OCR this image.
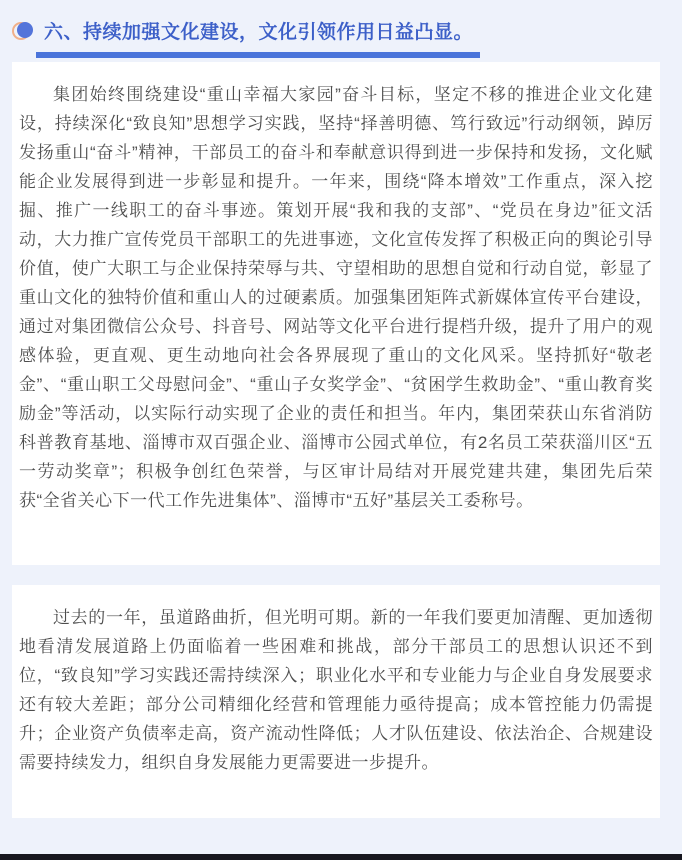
六、持续加强文化建设，文化引领作用日益凸显。

集团始终围绕建设“重山幸福大家园”奋斗目标，坚定不移的推进企业文化建设，持续深化“致良知”思想学习实践，坚持“择善明德、笃行致远”行动纲领，踔厉发扬重山“奋斗”精神，干部员工的奋斗和奉献意识得到进一步保持和发扬，文化赋能企业发展得到进一步彰显和提升。一年来，围绕“降本增效”工作重点，深入挖掘、推广一线职工的奋斗事迹。策划开展“我和我的支部”、“党员在身边”征文活动，大力推广宣传党员干部职工的先进事迹，文化宣传发挥了积极正向的舆论引导价值，使广大职工与企业保持荣辱与共、守望相助的思想自觉和行动自觉，彰显了重山文化的独特价值和重山人的过硬素质。加强集团矩阵式新媒体宣传平台建设，通过对集团微信公众号、抖音号、网站等文化平台进行提档升级，提升了用户的观感体验，更直观、更生动地向社会各界展现了重山的文化风采。坚持抓好“敬老金”、“重山职工父母慰问金”、“重山子女奖学金”、“贫困学生救助金”、“重山教育奖励金”等活动，以实际行动实现了企业的责任和担当。年内，集团荣获山东省消防科普教育基地、淄博市双百强企业、淄博市公园式单位，有2名员工荣获淄川区“五一劳动奖章”；积极争创红色荣誉，与区审计局结对开展党建共建，集团先后荣获“全省关心下一代工作先进集体”、淄博市“五好”基层关工委称号。

过去的一年，虽道路曲折，但光明可期。新的一年我们要更加清醒、更加透彻地看清发展道路上仍面临着一些困难和挑战，部分干部员工的思想认识还不到位，“致良知”学习实践还需持续深入；职业化水平和专业能力与企业自身发展要求还有较大差距；部分公司精细化经营和管理能力亟待提高；成本管控能力仍需提升；企业资产负债率走高，资产流动性降低；人才队伍建设、依法治企、合规建设需要持续发力，组织自身发展能力更需要进一步提升。
